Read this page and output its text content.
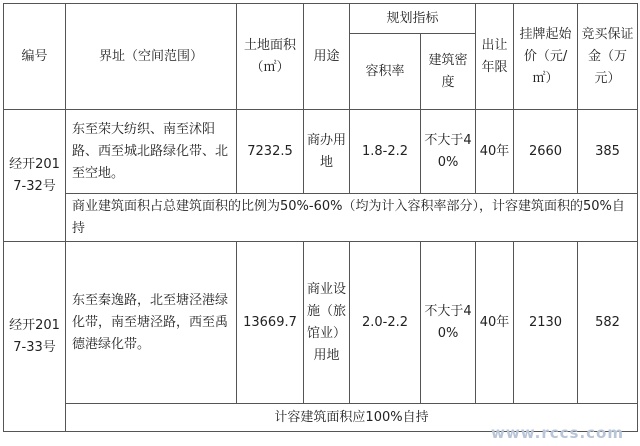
编号	界址（空间范围）	土地面积（㎡）	用途	规划指标		出让年限	挂牌起始价（元/㎡）	竞买保证金（万元）
				容积率	建筑密度			
经开2017-32号	东至荣大纺织、南至沭阳路、西至城北路绿化带、北至空地。	7232.5	商办用地	1.8-2.2	不大于40%	40年	2660	385
	商业建筑面积占总建筑面积的比例为50%-60%（均为计入容积率部分），计容建筑面积的50%自持							
经开2017-33号	东至秦逸路，北至塘泾港绿化带，南至塘泾路，西至禹德港绿化带。	13669.7	商业设施（旅馆业）用地	2.0-2.2	不大于40%	40年	2130	582
	计容建筑面积应100%自持							
www.rccs.com
